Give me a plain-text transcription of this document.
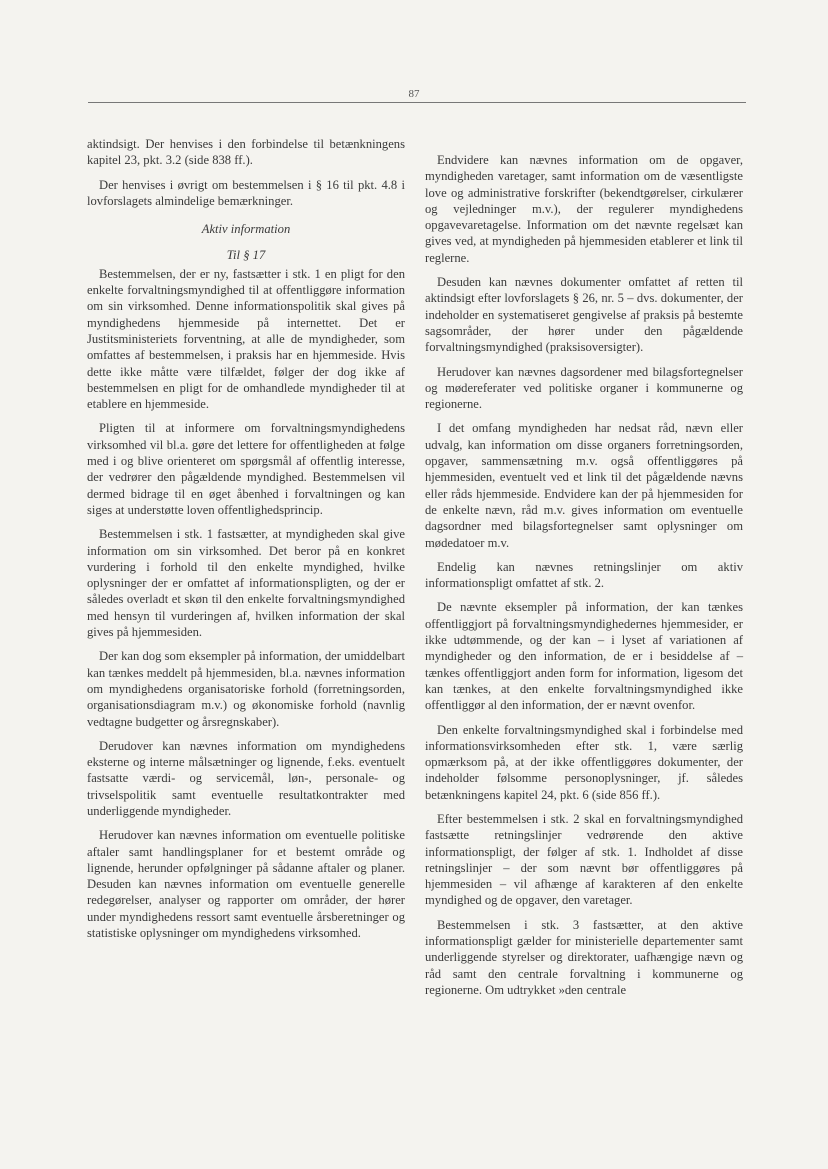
87

aktindsigt. Der henvises i den forbindelse til betænkningens kapitel 23, pkt. 3.2 (side 838 ff.).

Der henvises i øvrigt om bestemmelsen i § 16 til pkt. 4.8 i lovforslagets almindelige bemærkninger.

Aktiv information
Til § 17

Bestemmelsen, der er ny, fastsætter i stk. 1 en pligt for den enkelte forvaltningsmyndighed til at offentliggøre information om sin virksomhed. Denne informationspolitik skal gives på myndighedens hjemmeside på internettet. Det er Justitsministeriets forventning, at alle de myndigheder, som omfattes af bestemmelsen, i praksis har en hjemmeside. Hvis dette ikke måtte være tilfældet, følger der dog ikke af bestemmelsen en pligt for de omhandlede myndigheder til at etablere en hjemmeside.

Pligten til at informere om forvaltningsmyndighedens virksomhed vil bl.a. gøre det lettere for offentligheden at følge med i og blive orienteret om spørgsmål af offentlig interesse, der vedrører den pågældende myndighed. Bestemmelsen vil dermed bidrage til en øget åbenhed i forvaltningen og kan siges at understøtte loven offentlighedsprincip.

Bestemmelsen i stk. 1 fastsætter, at myndigheden skal give information om sin virksomhed. Det beror på en konkret vurdering i forhold til den enkelte myndighed, hvilke oplysninger der er omfattet af informationspligten, og der er således overladt et skøn til den enkelte forvaltningsmyndighed med hensyn til vurderingen af, hvilken information der skal gives på hjemmesiden.

Der kan dog som eksempler på information, der umiddelbart kan tænkes meddelt på hjemmesiden, bl.a. nævnes information om myndighedens organisatoriske forhold (forretningsorden, organisationsdiagram m.v.) og økonomiske forhold (navnlig vedtagne budgetter og årsregnskaber).

Derudover kan nævnes information om myndighedens eksterne og interne målsætninger og lignende, f.eks. eventuelt fastsatte værdi- og servicemål, løn-, personale- og trivselspolitik samt eventuelle resultatkontrakter med underliggende myndigheder.

Herudover kan nævnes information om eventuelle politiske aftaler samt handlingsplaner for et bestemt område og lignende, herunder opfølgninger på sådanne aftaler og planer. Desuden kan nævnes information om eventuelle generelle redegørelser, analyser og rapporter om områder, der hører under myndighedens ressort samt eventuelle årsberetninger og statistiske oplysninger om myndighedens virksomhed.

Endvidere kan nævnes information om de opgaver, myndigheden varetager, samt information om de væsentligste love og administrative forskrifter (bekendtgørelser, cirkulærer og vejledninger m.v.), der regulerer myndighedens opgavevaretagelse. Information om det nævnte regelsæt kan gives ved, at myndigheden på hjemmesiden etablerer et link til reglerne.

Desuden kan nævnes dokumenter omfattet af retten til aktindsigt efter lovforslagets § 26, nr. 5 – dvs. dokumenter, der indeholder en systematiseret gengivelse af praksis på bestemte sagsområder, der hører under den pågældende forvaltningsmyndighed (praksisoversigter).

Herudover kan nævnes dagsordener med bilagsfortegnelser og mødereferater ved politiske organer i kommunerne og regionerne.

I det omfang myndigheden har nedsat råd, nævn eller udvalg, kan information om disse organers forretningsorden, opgaver, sammensætning m.v. også offentliggøres på hjemmesiden, eventuelt ved et link til det pågældende nævns eller råds hjemmeside. Endvidere kan der på hjemmesiden for de enkelte nævn, råd m.v. gives information om eventuelle dagsordner med bilagsfortegnelser samt oplysninger om mødedatoer m.v.

Endelig kan nævnes retningslinjer om aktiv informationspligt omfattet af stk. 2.

De nævnte eksempler på information, der kan tænkes offentliggjort på forvaltningsmyndighedernes hjemmesider, er ikke udtømmende, og der kan – i lyset af variationen af myndigheder og den information, de er i besiddelse af – tænkes offentliggjort anden form for information, ligesom det kan tænkes, at den enkelte forvaltningsmyndighed ikke offentliggør al den information, der er nævnt ovenfor.

Den enkelte forvaltningsmyndighed skal i forbindelse med informationsvirksomheden efter stk. 1, være særlig opmærksom på, at der ikke offentliggøres dokumenter, der indeholder følsomme personoplysninger, jf. således betænkningens kapitel 24, pkt. 6 (side 856 ff.).

Efter bestemmelsen i stk. 2 skal en forvaltningsmyndighed fastsætte retningslinjer vedrørende den aktive informationspligt, der følger af stk. 1. Indholdet af disse retningslinjer – der som nævnt bør offentliggøres på hjemmesiden – vil afhænge af karakteren af den enkelte myndighed og de opgaver, den varetager.

Bestemmelsen i stk. 3 fastsætter, at den aktive informationspligt gælder for ministerielle departementer samt underliggende styrelser og direktorater, uafhængige nævn og råd samt den centrale forvaltning i kommunerne og regionerne. Om udtrykket »den centrale
